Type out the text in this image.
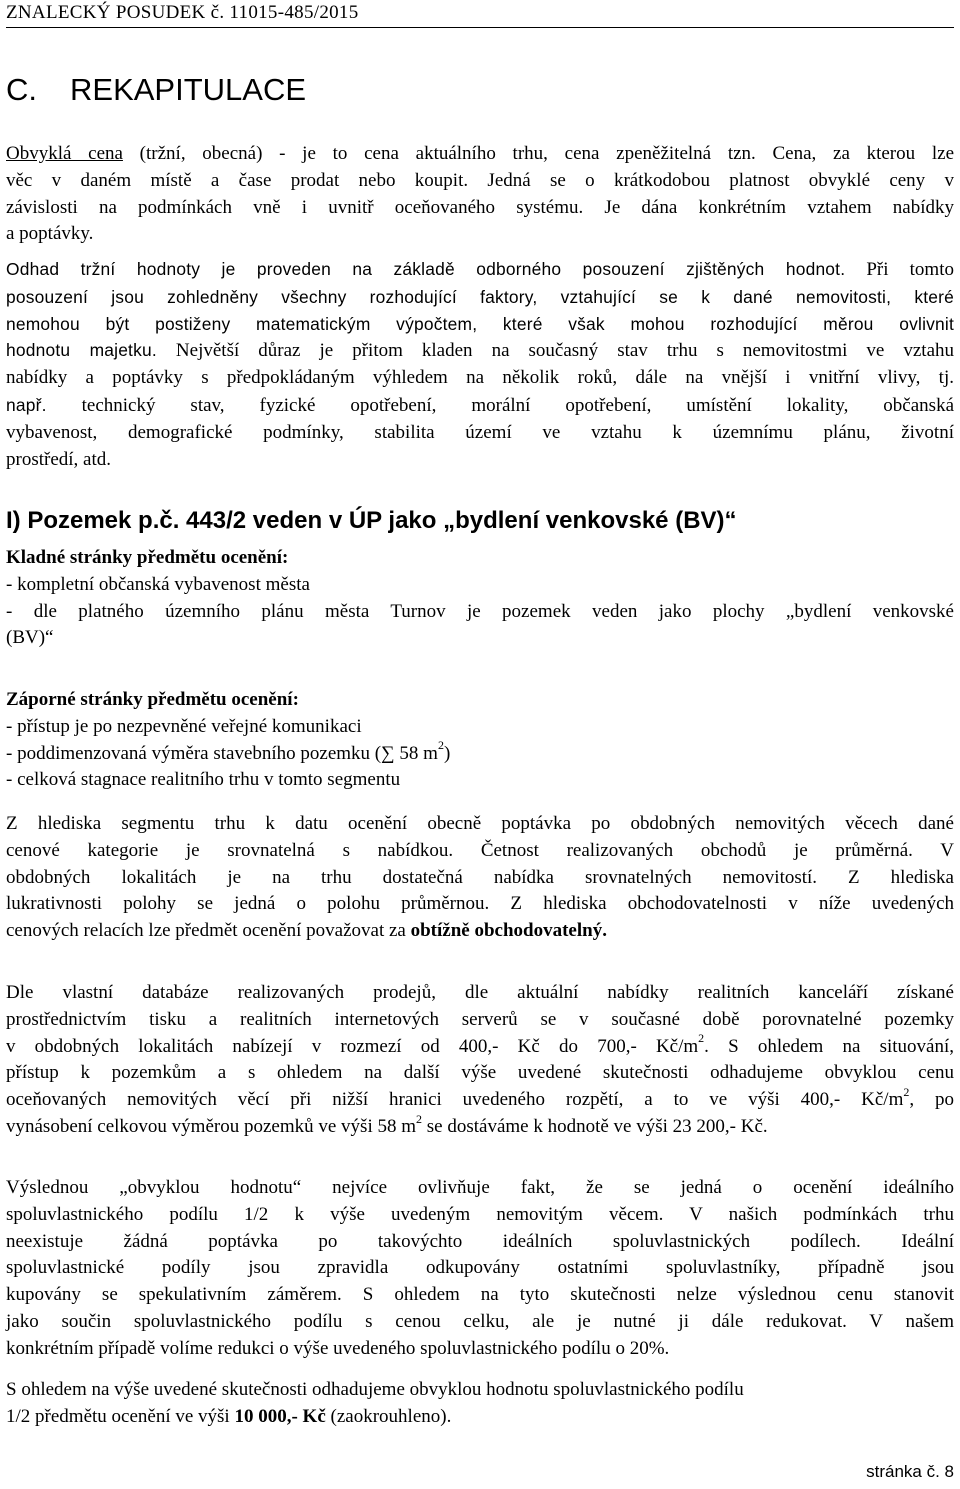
ZNALECKÝ POSUDEK č. 11015-485/2015
C. REKAPITULACE
Obvyklá cena (tržní, obecná) - je to cena aktuálního trhu, cena zpeněžitelná tzn. Cena, za kterou lze
věc v daném místě a čase prodat nebo koupit. Jedná se o krátkodobou platnost obvyklé ceny v
závislosti na podmínkách vně i uvnitř oceňovaného systému. Je dána konkrétním vztahem nabídky
a poptávky.
Odhad tržní hodnoty je proveden na základě odborného posouzení zjištěných hodnot. Při tomto
posouzení jsou zohledněny všechny rozhodující faktory, vztahující se k dané nemovitosti, které
nemohou být postiženy matematickým výpočtem, které však mohou rozhodující měrou ovlivnit
hodnotu majetku. Největší důraz je přitom kladen na současný stav trhu s nemovitostmi ve vztahu
nabídky a poptávky s předpokládaným výhledem na několik roků, dále na vnější i vnitřní vlivy, tj.
např. technický stav, fyzické opotřebení, morální opotřebení, umístění lokality, občanská
vybavenost, demografické podmínky, stabilita území ve vztahu k územnímu plánu, životní
prostředí, atd.
I) Pozemek p.č. 443/2 veden v ÚP jako „bydlení venkovské (BV)“
Kladné stránky předmětu ocenění:
- kompletní občanská vybavenost města
- dle platného územního plánu města Turnov je pozemek veden jako plochy „bydlení venkovské
(BV)“
Záporné stránky předmětu ocenění:
- přístup je po nezpevněné veřejné komunikaci
- poddimenzovaná výměra stavebního pozemku (∑ 58 $m^2$)
- celková stagnace realitního trhu v tomto segmentu
Z hlediska segmentu trhu k datu ocenění obecně poptávka po obdobných nemovitých věcech dané
cenové kategorie je srovnatelná s nabídkou. Četnost realizovaných obchodů je průměrná. V
obdobných lokalitách je na trhu dostatečná nabídka srovnatelných nemovitostí. Z hlediska
lukrativnosti polohy se jedná o polohu průměrnou. Z hlediska obchodovatelnosti v níže uvedených
cenových relacích lze předmět ocenění považovat za obtížně obchodovatelný.
Dle vlastní databáze realizovaných prodejů, dle aktuální nabídky realitních kanceláří získané
prostřednictvím tisku a realitních internetových serverů se v současné době porovnatelné pozemky
v obdobných lokalitách nabízejí v rozmezí od 400,- Kč do 700,- $Kč/m^2$. S ohledem na situování,
přístup k pozemkům a s ohledem na další výše uvedené skutečnosti odhadujeme obvyklou cenu
oceňovaných nemovitých věcí při nižší hranici uvedeného rozpětí, a to ve výši 400,- $Kč/m^2$, po
vynásobení celkovou výměrou pozemků ve výši 58 $m^2$ se dostáváme k hodnotě ve výši 23 200,- Kč.
Výslednou „obvyklou hodnotu“ nejvíce ovlivňuje fakt, že se jedná o ocenění ideálního
spoluvlastnického podílu 1/2 k výše uvedeným nemovitým věcem. V našich podmínkách trhu
neexistuje žádná poptávka po takovýchto ideálních spoluvlastnických podílech. Ideální
spoluvlastnické podíly jsou zpravidla odkupovány ostatními spoluvlastníky, případně jsou
kupovány se spekulativním záměrem. S ohledem na tyto skutečnosti nelze výslednou cenu stanovit
jako součin spoluvlastnického podílu s cenou celku, ale je nutné ji dále redukovat. V našem
konkrétním případě volíme redukci o výše uvedeného spoluvlastnického podílu o 20%.
S ohledem na výše uvedené skutečnosti odhadujeme obvyklou hodnotu spoluvlastnického podílu
1/2 předmětu ocenění ve výši 10 000,- Kč (zaokrouhleno).
stránka č. 8
